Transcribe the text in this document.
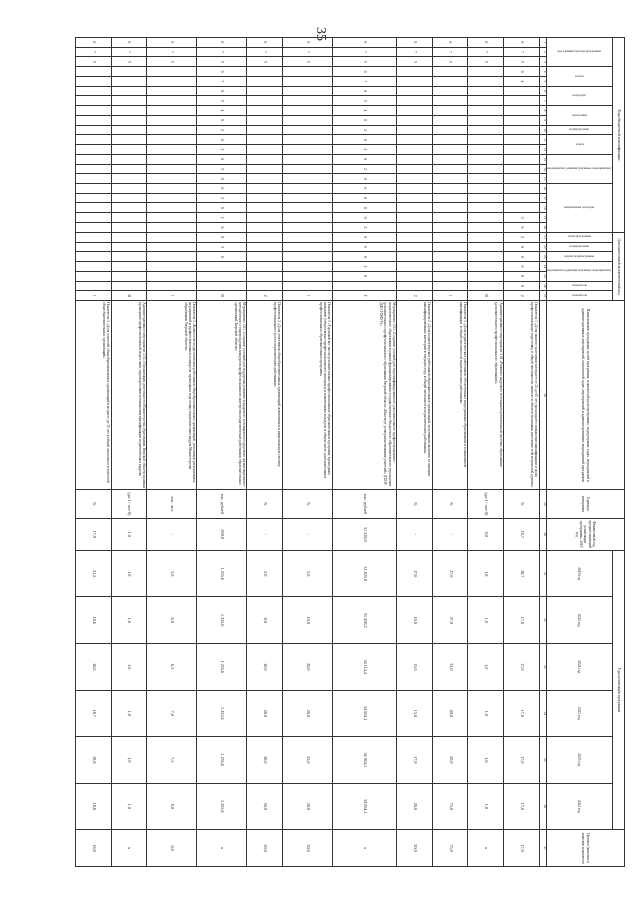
35
Коды бюджетной классификации																				Дополнительный аналитический код							Наименование программы, целей программы, показателей цели программы, подпрограмм, задач, мероприятий и административных мероприятий, показателей задач, мероприятий и административных мероприятий программы	Единица измерения	Финансовый год, предшествующий реализации программы, 2018 год	Годы реализации программы						Целевое (конечное) значение показателя

код администратора программы			раздел		подраздел		программа		подпрограмма	задача		мероприятие (административное мероприятие)			направление расходов					цели программы	подпрограмма	задачи подпрограммы	мероприятие (административное мероприятие)		показатель	показатель				2019 год	2020 год	2021 год	2022 год	2023 год	2024 год	
1	2	3	4	5	6	7	8	9	10	11	12	13	14	15	16	17	18	19	20	21	22	23	24	25	26	27	28	29	30	31	32	33	34	35	36	37
0	7	5	0	4														3	0	2	0	0	0	0	0	2	Показатель 3 «Доля занятого населения в возрасте от 25 до 65 лет, прошедшего повышение квалификации и (или) профессиональную подготовку, в общей численности занятого в области экономики населения этой возрастной группы»	%	18,7	18,7	17,0	17,0	17,0	17,0	17,0	17,0
0	7	5																								В	Административное мероприятие 2.01 «Развитие кадрового потенциала региональной системы образования (дополнительного профессионального образования)»	(да-1 / нет-0)	0,0	1,0	1,0	1,0	1,0	1,0	1,0	х
0	7	5																								1	Показатель 1 «Доля педагогических работников, обеспеченных непрерывным образованием и повышением квалификации, в общей численности педагогических работников»	%	-	27,0	27,0	33,0	40,0	50,0	75,0	75,0
0	7	5																								2	Показатель 2 «Доля педагогических работников образовательных организаций, получивших выплаты за оказание квалифицированных категорий в текущем году, в общей численности педагогических работников»	%	-	17,6	10,0	13,0	15,0	17,0	20,0	20,0
0	7	5	0	7	0	5	4	0	2	0	2	0	2	0	0	0	0	0	2	0	6	0	2	0		Г	Мероприятие 2.02 «Создание условий для персонифицированного дополнительного профессионального педагогического образования в рамках функционирования государственного бюджетного образовательного учреждения дополнительного профессионального образования Тверской области «Институт усовершенствования учителей» (ГБОУ ДПО ТОИУУ)»	тыс. рублей	31 558,0	31 825,8	31 458,2	34 114,4	34 054,1	34 054,1	34 054,1	х
0	7	5																								1	Показатель 1 «Удельный вес числа дополнительных профессиональных образовательных программ, прошедших внешнюю (общественно-профессиональную) экспертизу и вовлеченных в модули, в общем числе дополнительных профессиональных образовательных программ»	%	-	5,0	10,0	20,0	20,0	25,0	30,0	30,0
0	7	5																								2	Показатель 2 «Доля участников общеобразовательных организаций, вовлеченных в национальную систему профессионального роста педагогических работников»	%	-	2,0	8,0	18,0	28,0	38,0	50,0	50,0
0	7	5	0	7	0	5	4	0	2	0	2	0	3	0	0	2	0	2	0	0	3	0				В	Мероприятие 2.03 «Создание условий для поддержки развития и кадрового потенциала посредством организационного-методического сопровождения конкурсов профессионального мастерства педагогических работников образовательных организаций Тверской области»	тыс. рублей	850,0	1 255,6	1 255,6	1 255,6	1 255,6	1 255,6	1 255,6	х
0	7	5																								1	Показатель 1 «Количество педагогических работников общеобразовательных организаций, участников региональных мероприятий и профессиональных конкурсов, прошедших подготовку педагогических кадров Министерства образования Тверской области»	тыс. чел.	-	3,0	6,0	6,5	7,0	7,5	8,0	8,0
0	7	5																								Я	Административное мероприятие 2.04 «Организация деятельности Министерства образования Тверской области в рамках проведения профессиональной подготовки, переподготовки и повышения квалификации педагогических кадров»	(да-1 / нет-0)	1,0	1,0	1,0	1,0	1,0	1,0	1,0	х
0	7	5																								1	Показатель 1 «Доля учителей общеобразовательных организаций в возрасте до 35 лет в общей численности учителей общеобразовательных организаций»	%	17,9	21,5	18,6	18,6	18,7	18,8	18,8	18,8
